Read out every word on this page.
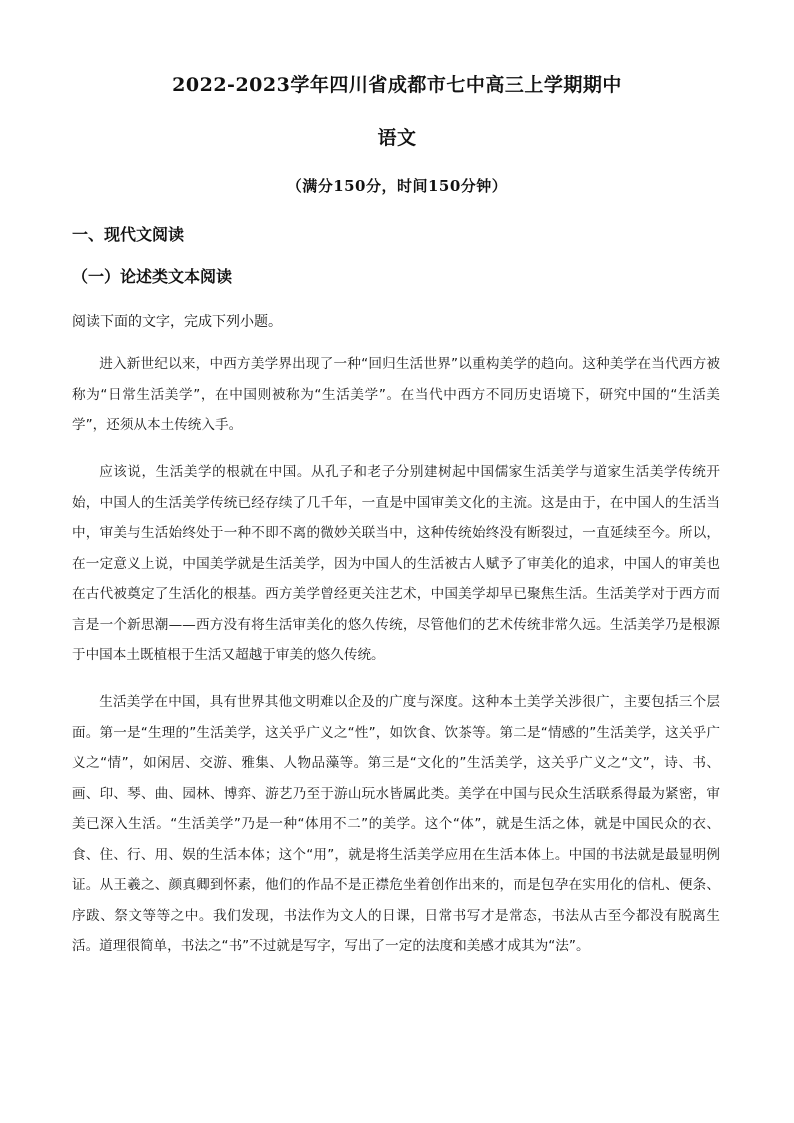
2022-2023学年四川省成都市七中高三上学期期中
语文
（满分150分，时间150分钟）
一、现代文阅读
（一）论述类文本阅读
阅读下面的文字，完成下列小题。
进入新世纪以来，中西方美学界出现了一种“回归生活世界”以重构美学的趋向。这种美学在当代西方被称为“日常生活美学”，在中国则被称为“生活美学”。在当代中西方不同历史语境下，研究中国的“生活美学”，还须从本土传统入手。
应该说，生活美学的根就在中国。从孔子和老子分别建树起中国儒家生活美学与道家生活美学传统开始，中国人的生活美学传统已经存续了几千年，一直是中国审美文化的主流。这是由于，在中国人的生活当中，审美与生活始终处于一种不即不离的微妙关联当中，这种传统始终没有断裂过，一直延续至今。所以，在一定意义上说，中国美学就是生活美学，因为中国人的生活被古人赋予了审美化的追求，中国人的审美也在古代被奠定了生活化的根基。西方美学曾经更关注艺术，中国美学却早已聚焦生活。生活美学对于西方而言是一个新思潮——西方没有将生活审美化的悠久传统，尽管他们的艺术传统非常久远。生活美学乃是根源于中国本土既植根于生活又超越于审美的悠久传统。
生活美学在中国，具有世界其他文明难以企及的广度与深度。这种本土美学关涉很广，主要包括三个层面。第一是“生理的”生活美学，这关乎广义之“性”，如饮食、饮茶等。第二是“情感的”生活美学，这关乎广义之“情”，如闲居、交游、雅集、人物品藻等。第三是“文化的”生活美学，这关乎广义之“文”，诗、书、画、印、琴、曲、园林、博弈、游艺乃至于游山玩水皆属此类。美学在中国与民众生活联系得最为紧密，审美已深入生活。“生活美学”乃是一种“体用不二”的美学。这个“体”，就是生活之体，就是中国民众的衣、食、住、行、用、娱的生活本体；这个“用”，就是将生活美学应用在生活本体上。中国的书法就是最显明例证。从王羲之、颜真卿到怀素，他们的作品不是正襟危坐着创作出来的，而是包孕在实用化的信札、便条、序跋、祭文等等之中。我们发现，书法作为文人的日课，日常书写才是常态，书法从古至今都没有脱离生活。道理很简单，书法之“书”不过就是写字，写出了一定的法度和美感才成其为“法”。
